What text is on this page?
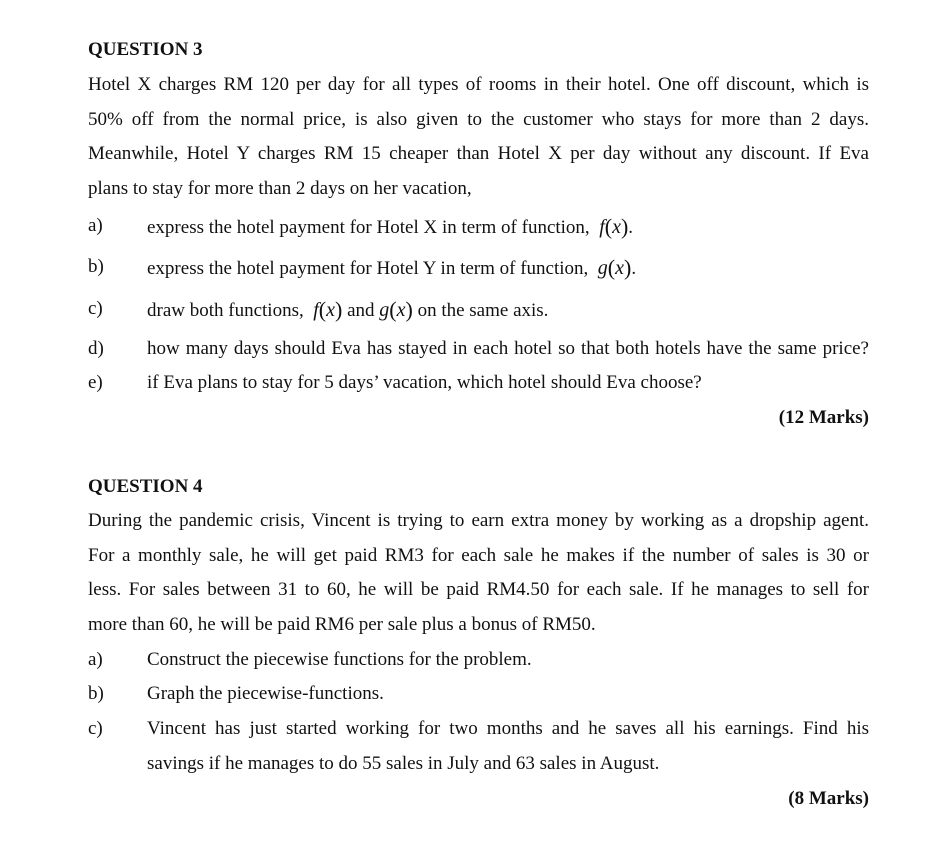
QUESTION 3
Hotel X charges RM 120 per day for all types of rooms in their hotel. One off discount, which is
50% off from the normal price, is also given to the customer who stays for more than 2 days.
Meanwhile, Hotel Y charges RM 15 cheaper than Hotel X per day without any discount. If Eva
plans to stay for more than 2 days on her vacation,
a) express the hotel payment for Hotel X in term of function, f(x).
b) express the hotel payment for Hotel Y in term of function, g(x).
c) draw both functions, f(x) and g(x) on the same axis.
d) how many days should Eva has stayed in each hotel so that both hotels have the same price?
e) if Eva plans to stay for 5 days’ vacation, which hotel should Eva choose?
(12 Marks)
QUESTION 4
During the pandemic crisis, Vincent is trying to earn extra money by working as a dropship agent.
For a monthly sale, he will get paid RM3 for each sale he makes if the number of sales is 30 or
less. For sales between 31 to 60, he will be paid RM4.50 for each sale. If he manages to sell for
more than 60, he will be paid RM6 per sale plus a bonus of RM50.
a) Construct the piecewise functions for the problem.
b) Graph the piecewise-functions.
c) Vincent has just started working for two months and he saves all his earnings. Find his
savings if he manages to do 55 sales in July and 63 sales in August.
(8 Marks)
